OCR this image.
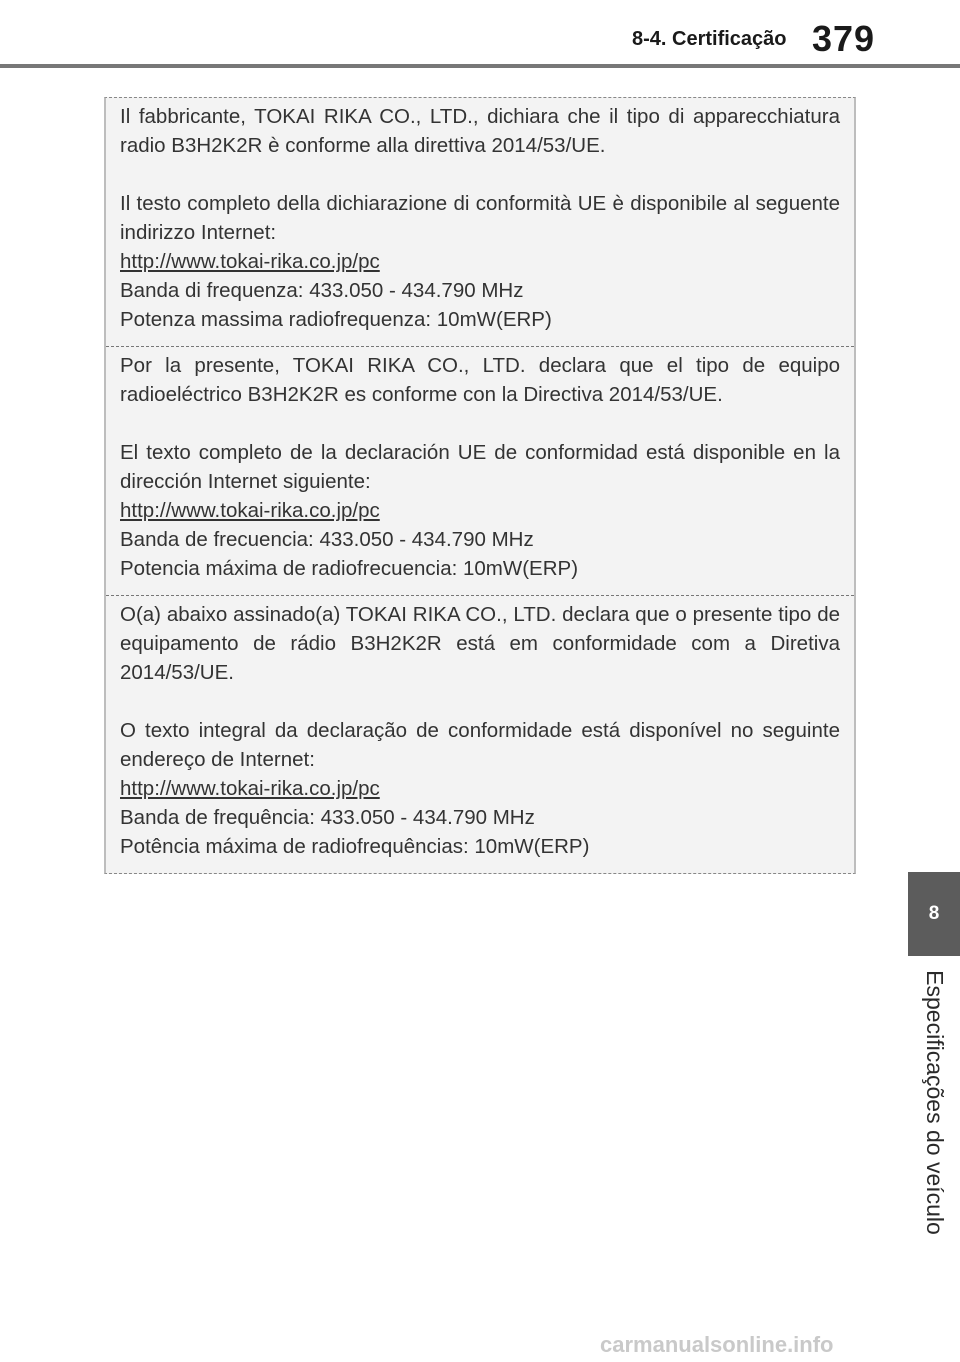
8-4. Certificação 379
8
Especificações do veículo

Il fabbricante, TOKAI RIKA CO., LTD., dichiara che il tipo di apparecchiatura radio B3H2K2R è conforme alla direttiva 2014/53/UE.

Il testo completo della dichiarazione di conformità UE è disponibile al seguente indirizzo Internet:

http://www.tokai-rika.co.jp/pc

Banda di frequenza: 433.050 - 434.790 MHz

Potenza massima radiofrequenza: 10mW(ERP)

Por la presente, TOKAI RIKA CO., LTD. declara que el tipo de equipo radioeléctrico B3H2K2R es conforme con la Directiva 2014/53/UE.

El texto completo de la declaración UE de conformidad está disponible en la dirección Internet siguiente:

http://www.tokai-rika.co.jp/pc

Banda de frecuencia: 433.050 - 434.790 MHz

Potencia máxima de radiofrecuencia: 10mW(ERP)

O(a) abaixo assinado(a) TOKAI RIKA CO., LTD. declara que o presente tipo de equipamento de rádio B3H2K2R está em conformidade com a Diretiva 2014/53/UE.

O texto integral da declaração de conformidade está disponível no seguinte endereço de Internet:

http://www.tokai-rika.co.jp/pc

Banda de frequência: 433.050 - 434.790 MHz

Potência máxima de radiofrequências: 10mW(ERP)

carmanualsonline.info
